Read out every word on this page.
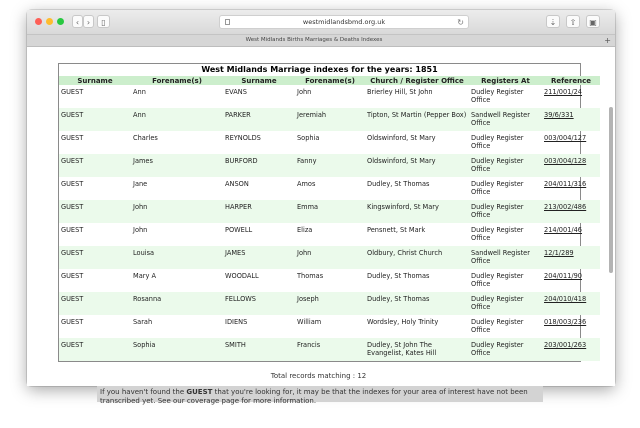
‹ ›	▯	westmidlandsbmd.org.uk	↻	⇣	⇧	▣
West Midlands Births Marriages & Deaths Indexes	+
West Midlands Marriage indexes for the years: 1851
Surname	Forename(s)	Surname	Forename(s)	Church / Register Office	Registers At	Reference
GUEST	Ann	EVANS	John	Brierley Hill, St John	Dudley Register Office	211/001/24
GUEST	Ann	PARKER	Jeremiah	Tipton, St Martin (Pepper Box)	Sandwell Register Office	39/6/331
GUEST	Charles	REYNOLDS	Sophia	Oldswinford, St Mary	Dudley Register Office	003/004/127
GUEST	James	BURFORD	Fanny	Oldswinford, St Mary	Dudley Register Office	003/004/128
GUEST	Jane	ANSON	Amos	Dudley, St Thomas	Dudley Register Office	204/011/316
GUEST	John	HARPER	Emma	Kingswinford, St Mary	Dudley Register Office	213/002/486
GUEST	John	POWELL	Eliza	Pensnett, St Mark	Dudley Register Office	214/001/46
GUEST	Louisa	JAMES	John	Oldbury, Christ Church	Sandwell Register Office	12/1/289
GUEST	Mary A	WOODALL	Thomas	Dudley, St Thomas	Dudley Register Office	204/011/90
GUEST	Rosanna	FELLOWS	Joseph	Dudley, St Thomas	Dudley Register Office	204/010/418
GUEST	Sarah	IDIENS	William	Wordsley, Holy Trinity	Dudley Register Office	018/003/236
GUEST	Sophia	SMITH	Francis	Dudley, St John The Evangelist, Kates Hill	Dudley Register Office	203/001/263
Total records matching : 12
If you haven't found the GUEST that you're looking for, it may be that the indexes for your area of interest have not been transcribed yet. See our coverage page for more information.
